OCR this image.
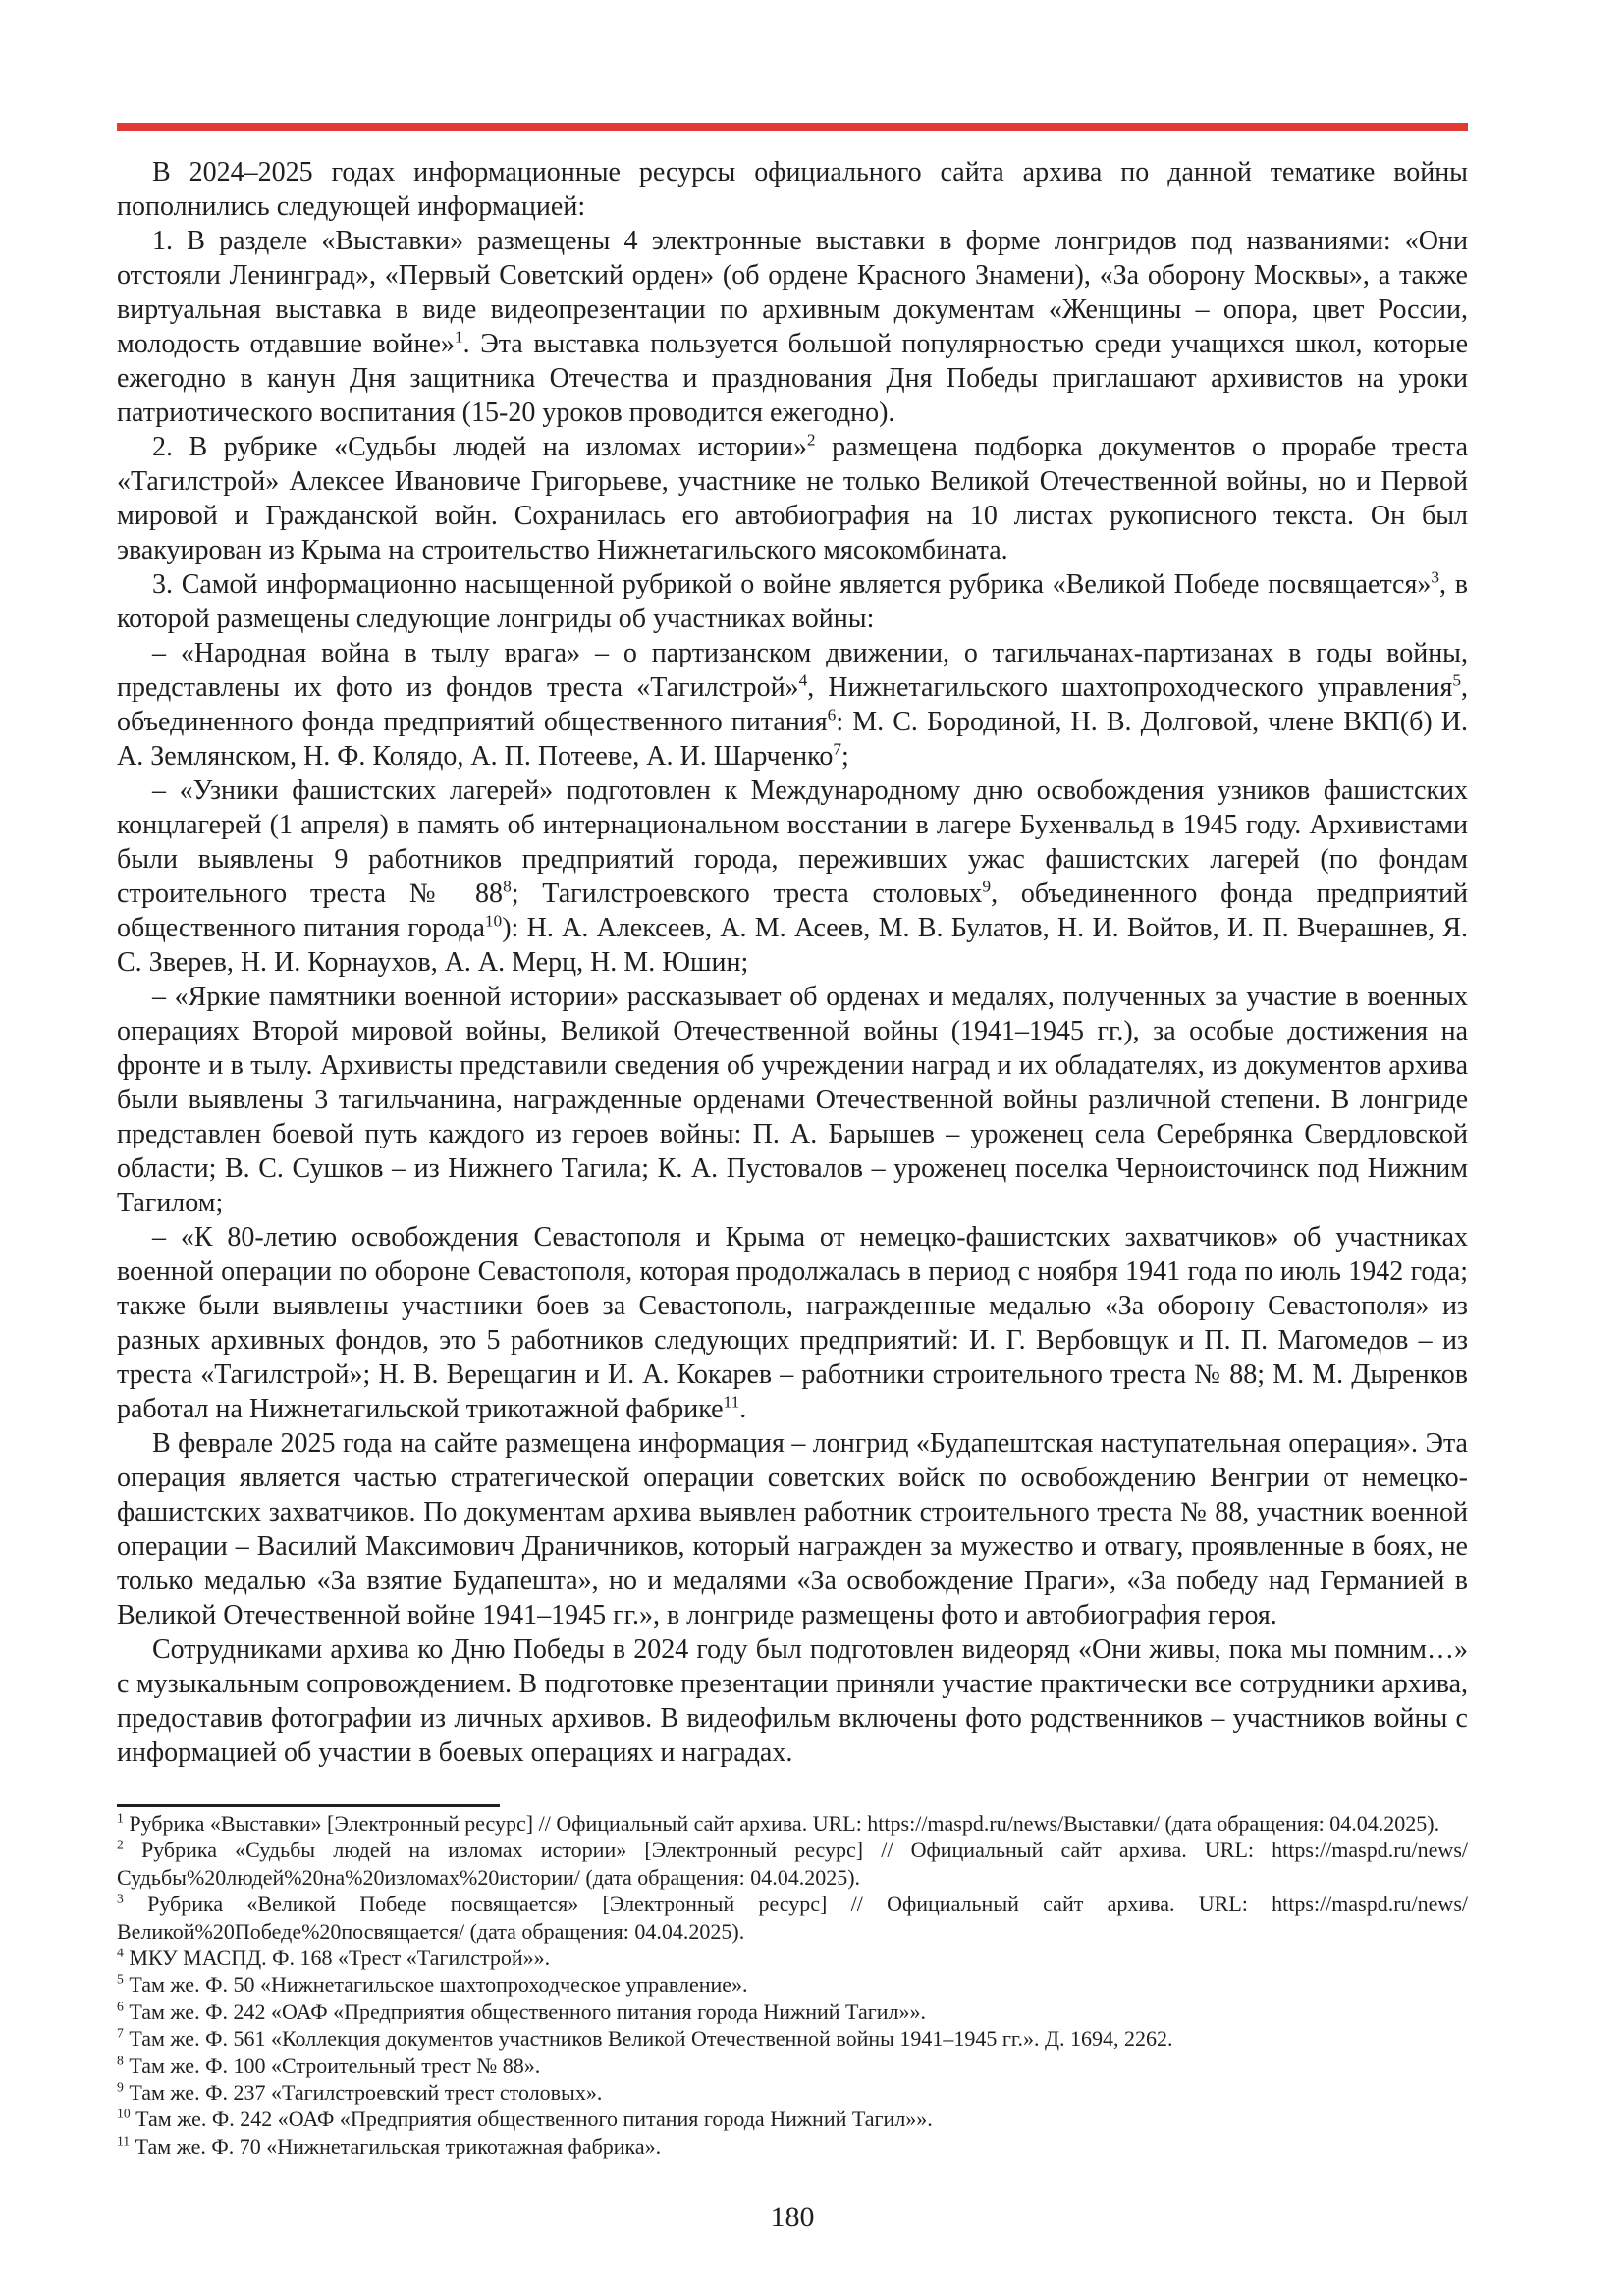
В 2024–2025 годах информационные ресурсы официального сайта архива по данной тематике войны пополнились следующей информацией:

1. В разделе «Выставки» размещены 4 электронные выставки в форме лонгридов под названиями: «Они отстояли Ленинград», «Первый Советский орден» (об ордене Красного Знамени), «За оборону Москвы», а также виртуальная выставка в виде видеопрезентации по архивным документам «Женщины – опора, цвет России, молодость отдавшие войне»$^1$. Эта выставка пользуется большой популярностью среди учащихся школ, которые ежегодно в канун Дня защитника Отечества и празднования Дня Победы приглашают архивистов на уроки патриотического воспитания (15-20 уроков проводится ежегодно).

2. В рубрике «Судьбы людей на изломах истории»$^2$ размещена подборка документов о прорабе треста «Тагилстрой» Алексее Ивановиче Григорьеве, участнике не только Великой Отечественной войны, но и Первой мировой и Гражданской войн. Сохранилась его автобиография на 10 листах рукописного текста. Он был эвакуирован из Крыма на строительство Нижнетагильского мясокомбината.

3. Самой информационно насыщенной рубрикой о войне является рубрика «Великой Победе посвящается»$^3$, в которой размещены следующие лонгриды об участниках войны:

– «Народная война в тылу врага» – о партизанском движении, о тагильчанах-партизанах в годы войны, представлены их фото из фондов треста «Тагилстрой»$^4$, Нижнетагильского шахтопроходческого управления$^5$, объединенного фонда предприятий общественного питания$^6$: М. С. Бородиной, Н. В. Долговой, члене ВКП(б) И. А. Землянском, Н. Ф. Колядо, А. П. Потееве, А. И. Шарченко$^7$;

– «Узники фашистских лагерей» подготовлен к Международному дню освобождения узников фашистских концлагерей (1 апреля) в память об интернациональном восстании в лагере Бухенвальд в 1945 году. Архивистами были выявлены 9 работников предприятий города, переживших ужас фашистских лагерей (по фондам строительного треста № $88^8$; Тагилстроевского треста столовых$^9$, объединенного фонда предприятий общественного питания города$^{10}$): Н. А. Алексеев, А. М. Асеев, М. В. Булатов, Н. И. Войтов, И. П. Вчерашнев, Я. С. Зверев, Н. И. Корнаухов, А. А. Мерц, Н. М. Юшин;

– «Яркие памятники военной истории» рассказывает об орденах и медалях, полученных за участие в военных операциях Второй мировой войны, Великой Отечественной войны (1941–1945 гг.), за особые достижения на фронте и в тылу. Архивисты представили сведения об учреждении наград и их обладателях, из документов архива были выявлены 3 тагильчанина, награжденные орденами Отечественной войны различной степени. В лонгриде представлен боевой путь каждого из героев войны: П. А. Барышев – уроженец села Серебрянка Свердловской области; В. С. Сушков – из Нижнего Тагила; К. А. Пустовалов – уроженец поселка Черноисточинск под Нижним Тагилом;

– «К 80-летию освобождения Севастополя и Крыма от немецко-фашистских захватчиков» об участниках военной операции по обороне Севастополя, которая продолжалась в период с ноября 1941 года по июль 1942 года; также были выявлены участники боев за Севастополь, награжденные медалью «За оборону Севастополя» из разных архивных фондов, это 5 работников следующих предприятий: И. Г. Вербовщук и П. П. Магомедов – из треста «Тагилстрой»; Н. В. Верещагин и И. А. Кокарев – работники строительного треста № 88; М. М. Дыренков работал на Нижнетагильской трикотажной фабрике$^{11}$.

В феврале 2025 года на сайте размещена информация – лонгрид «Будапештская наступательная операция». Эта операция является частью стратегической операции советских войск по освобождению Венгрии от немецко-фашистских захватчиков. По документам архива выявлен работник строительного треста № 88, участник военной операции – Василий Максимович Драничников, который награжден за мужество и отвагу, проявленные в боях, не только медалью «За взятие Будапешта», но и медалями «За освобождение Праги», «За победу над Германией в Великой Отечественной войне 1941–1945 гг.», в лонгриде размещены фото и автобиография героя.

Сотрудниками архива ко Дню Победы в 2024 году был подготовлен видеоряд «Они живы, пока мы помним…» с музыкальным сопровождением. В подготовке презентации приняли участие практически все сотрудники архива, предоставив фотографии из личных архивов. В видеофильм включены фото родственников – участников войны с информацией об участии в боевых операциях и наградах.

$^1$ Рубрика «Выставки» [Электронный ресурс] // Официальный сайт архива. URL: https://maspd.ru/news/Выставки/ (дата обращения: 04.04.2025).
$^2$ Рубрика «Судьбы людей на изломах истории» [Электронный ресурс] // Официальный сайт архива. URL: https://maspd.ru/news/Судьбы%20людей%20на%20изломах%20истории/ (дата обращения: 04.04.2025).
$^3$ Рубрика «Великой Победе посвящается» [Электронный ресурс] // Официальный сайт архива. URL: https://maspd.ru/news/Великой%20Победе%20посвящается/ (дата обращения: 04.04.2025).
$^4$ МКУ МАСПД. Ф. 168 «Трест «Тагилстрой»».
$^5$ Там же. Ф. 50 «Нижнетагильское шахтопроходческое управление».
$^6$ Там же. Ф. 242 «ОАФ «Предприятия общественного питания города Нижний Тагил»».
$^7$ Там же. Ф. 561 «Коллекция документов участников Великой Отечественной войны 1941–1945 гг.». Д. 1694, 2262.
$^8$ Там же. Ф. 100 «Строительный трест № 88».
$^9$ Там же. Ф. 237 «Тагилстроевский трест столовых».
$^{10}$ Там же. Ф. 242 «ОАФ «Предприятия общественного питания города Нижний Тагил»».
$^{11}$ Там же. Ф. 70 «Нижнетагильская трикотажная фабрика».
180
